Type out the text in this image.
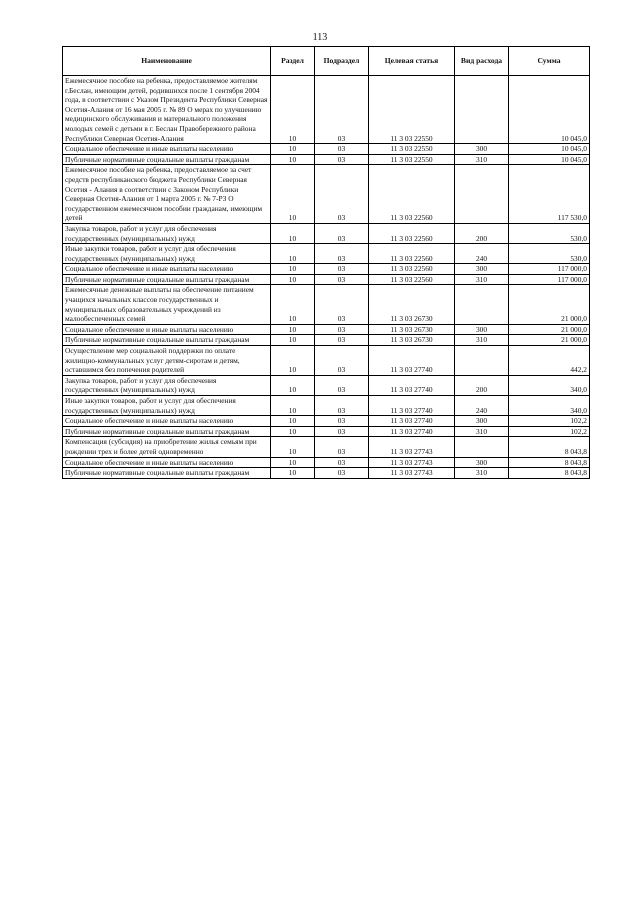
113
Наименование	Раздел	Подраздел	Целевая статья	Вид расхода	Сумма
Ежемесячное пособие на ребенка, предоставляемое жителям г.Беслан, имеющим детей, родившихся после 1 сентября 2004 года, в соответствии с Указом Президента Республики Северная Осетия-Алания от 16 мая 2005 г. № 89 О мерах по улучшению медицинского обслуживания и материального положения молодых семей с детьми в г. Беслан Правобережного района Республики Северная Осетия-Алания	10	03	11 3 03 22550		10 045,0
Социальное обеспечение и иные выплаты населению	10	03	11 3 03 22550	300	10 045,0
Публичные нормативные социальные выплаты гражданам	10	03	11 3 03 22550	310	10 045,0
Ежемесячное пособие на ребенка, предоставляемое за счет средств республиканского бюджета Республики Северная Осетия - Алания в соответствии с Законом Республики Северная Осетия-Алания от 1 марта 2005 г. № 7-РЗ О государственном ежемесячном пособии гражданам, имеющим детей	10	03	11 3 03 22560		117 530,0
Закупка товаров, работ и услуг для обеспечения государственных (муниципальных) нужд	10	03	11 3 03 22560	200	530,0
Иные закупки товаров, работ и услуг для обеспечения государственных (муниципальных) нужд	10	03	11 3 03 22560	240	530,0
Социальное обеспечение и иные выплаты населению	10	03	11 3 03 22560	300	117 000,0
Публичные нормативные социальные выплаты гражданам	10	03	11 3 03 22560	310	117 000,0
Ежемесячные денежные выплаты на обеспечение питанием учащихся начальных классов государственных и муниципальных образовательных учреждений из малообеспеченных семей	10	03	11 3 03 26730		21 000,0
Социальное обеспечение и иные выплаты населению	10	03	11 3 03 26730	300	21 000,0
Публичные нормативные социальные выплаты гражданам	10	03	11 3 03 26730	310	21 000,0
Осуществление мер социальной поддержки по оплате жилищно-коммунальных услуг детям-сиротам и детям, оставшимся без попечения родителей	10	03	11 3 03 27740		442,2
Закупка товаров, работ и услуг для обеспечения государственных (муниципальных) нужд	10	03	11 3 03 27740	200	340,0
Иные закупки товаров, работ и услуг для обеспечения государственных (муниципальных) нужд	10	03	11 3 03 27740	240	340,0
Социальное обеспечение и иные выплаты населению	10	03	11 3 03 27740	300	102,2
Публичные нормативные социальные выплаты гражданам	10	03	11 3 03 27740	310	102,2
Компенсация (субсидия) на приобретение жилья семьям при рождении трех и более детей одновременно	10	03	11 3 03 27743		8 043,8
Социальное обеспечение и иные выплаты населению	10	03	11 3 03 27743	300	8 043,8
Публичные нормативные социальные выплаты гражданам	10	03	11 3 03 27743	310	8 043,8
